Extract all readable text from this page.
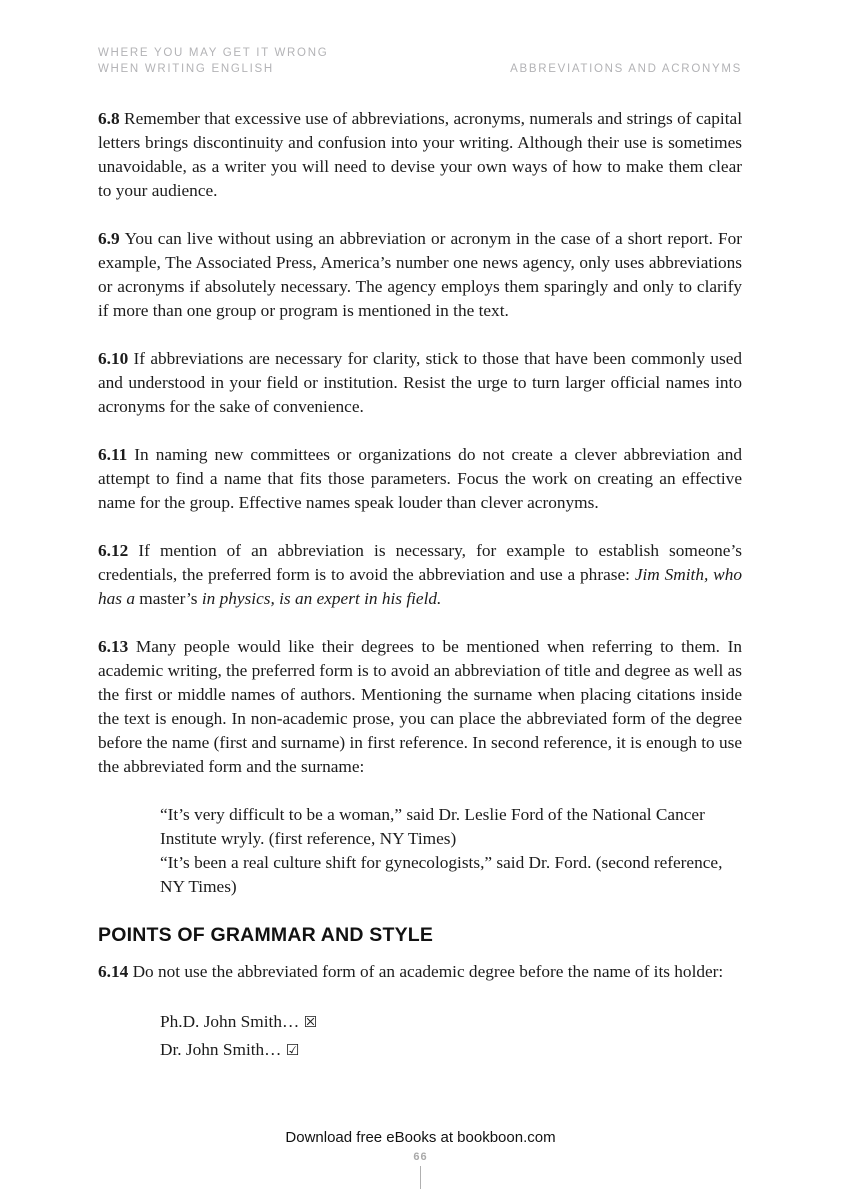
WHERE YOU MAY GET IT WRONG
WHEN WRITING ENGLISH	ABBREVIATIONS AND ACRONYMS

6.8 Remember that excessive use of abbreviations, acronyms, numerals and strings of capital letters brings discontinuity and confusion into your writing. Although their use is sometimes unavoidable, as a writer you will need to devise your own ways of how to make them clear to your audience.

6.9 You can live without using an abbreviation or acronym in the case of a short report. For example, The Associated Press, America’s number one news agency, only uses abbreviations or acronyms if absolutely necessary. The agency employs them sparingly and only to clarify if more than one group or program is mentioned in the text.

6.10 If abbreviations are necessary for clarity, stick to those that have been commonly used and understood in your field or institution. Resist the urge to turn larger official names into acronyms for the sake of convenience.

6.11 In naming new committees or organizations do not create a clever abbreviation and attempt to find a name that fits those parameters. Focus the work on creating an effective name for the group. Effective names speak louder than clever acronyms.

6.12 If mention of an abbreviation is necessary, for example to establish someone’s credentials, the preferred form is to avoid the abbreviation and use a phrase: Jim Smith, who has a master’s in physics, is an expert in his field.

6.13 Many people would like their degrees to be mentioned when referring to them. In academic writing, the preferred form is to avoid an abbreviation of title and degree as well as the first or middle names of authors. Mentioning the surname when placing citations inside the text is enough. In non-academic prose, you can place the abbreviated form of the degree before the name (first and surname) in first reference. In second reference, it is enough to use the abbreviated form and the surname:

“It’s very difficult to be a woman,” said Dr. Leslie Ford of the National Cancer Institute wryly. (first reference, NY Times)
“It’s been a real culture shift for gynecologists,” said Dr. Ford. (second reference, NY Times)
POINTS OF GRAMMAR AND STYLE

6.14 Do not use the abbreviated form of an academic degree before the name of its holder:

Ph.D. John Smith… ☒
Dr. John Smith… ☑
Download free eBooks at bookboon.com
66
